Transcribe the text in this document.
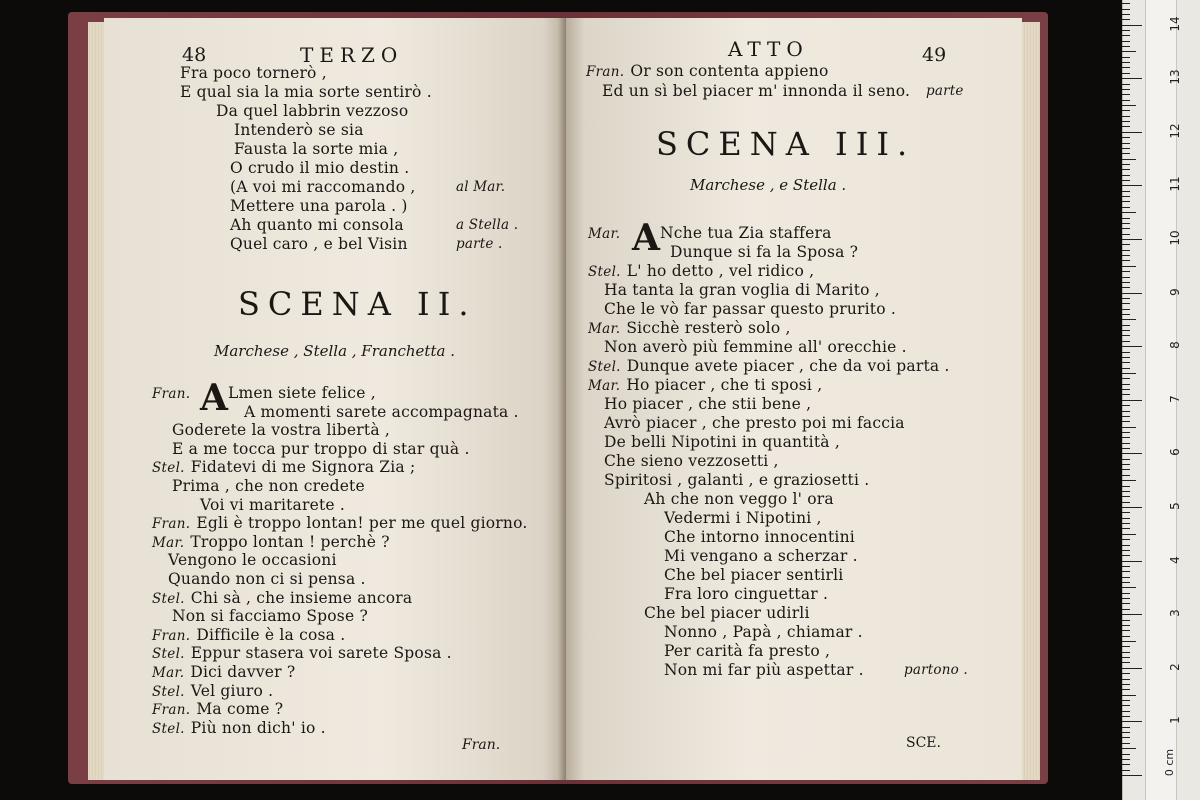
48	TERZO
Fra poco tornerò ,
E qual sia la mia sorte sentirò .
Da quel labbrin vezzoso
Intenderò se sia
Fausta la sorte mia ,
O crudo il mio destin .
(A voi mi raccomando ,	al Mar.
Mettere una parola . )
Ah quanto mi consola	a Stella .
Quel caro , e bel Visin	parte .
SCENA II.
Marchese , Stella , Franchetta .
Fran. A Lmen siete felice ,
A momenti sarete accompagnata .
Goderete la vostra libertà ,
E a me tocca pur troppo di star quà .
Stel. Fidatevi di me Signora Zia ;
Prima , che non credete
Voi vi maritarete .
Fran. Egli è troppo lontan! per me quel giorno.
Mar. Troppo lontan ! perchè ?
Vengono le occasioni
Quando non ci si pensa .
Stel. Chi sà , che insieme ancora
Non si facciamo Spose ?
Fran. Difficile è la cosa .
Stel. Eppur stasera voi sarete Sposa .
Mar. Dici davver ?
Stel. Vel giuro .
Fran. Ma come ?
Stel. Più non dich' io .
Fran.
ATTO	49
Fran. Or son contenta appieno
Ed un sì bel piacer m' innonda il seno. parte
SCENA III.
Marchese , e Stella .
Mar. A Nche tua Zia staffera
Dunque si fa la Sposa ?
Stel. L' ho detto , vel ridico ,
Ha tanta la gran voglia di Marito ,
Che le vò far passar questo prurito .
Mar. Sicchè resterò solo ,
Non averò più femmine all' orecchie .
Stel. Dunque avete piacer , che da voi parta .
Mar. Ho piacer , che ti sposi ,
Ho piacer , che stii bene ,
Avrò piacer , che presto poi mi faccia
De belli Nipotini in quantità ,
Che sieno vezzosetti ,
Spiritosi , galanti , e graziosetti .
Ah che non veggo l' ora
Vedermi i Nipotini ,
Che intorno innocentini
Mi vengano a scherzar .
Che bel piacer sentirli
Fra loro cinguettar .
Che bel piacer udirli
Nonno , Papà , chiamar .
Per carità fa presto ,
Non mi far più aspettar .	partono .
SCE.
1
2
3
4
5
6
7
8
9
10
11
12
13
14
0 cm
